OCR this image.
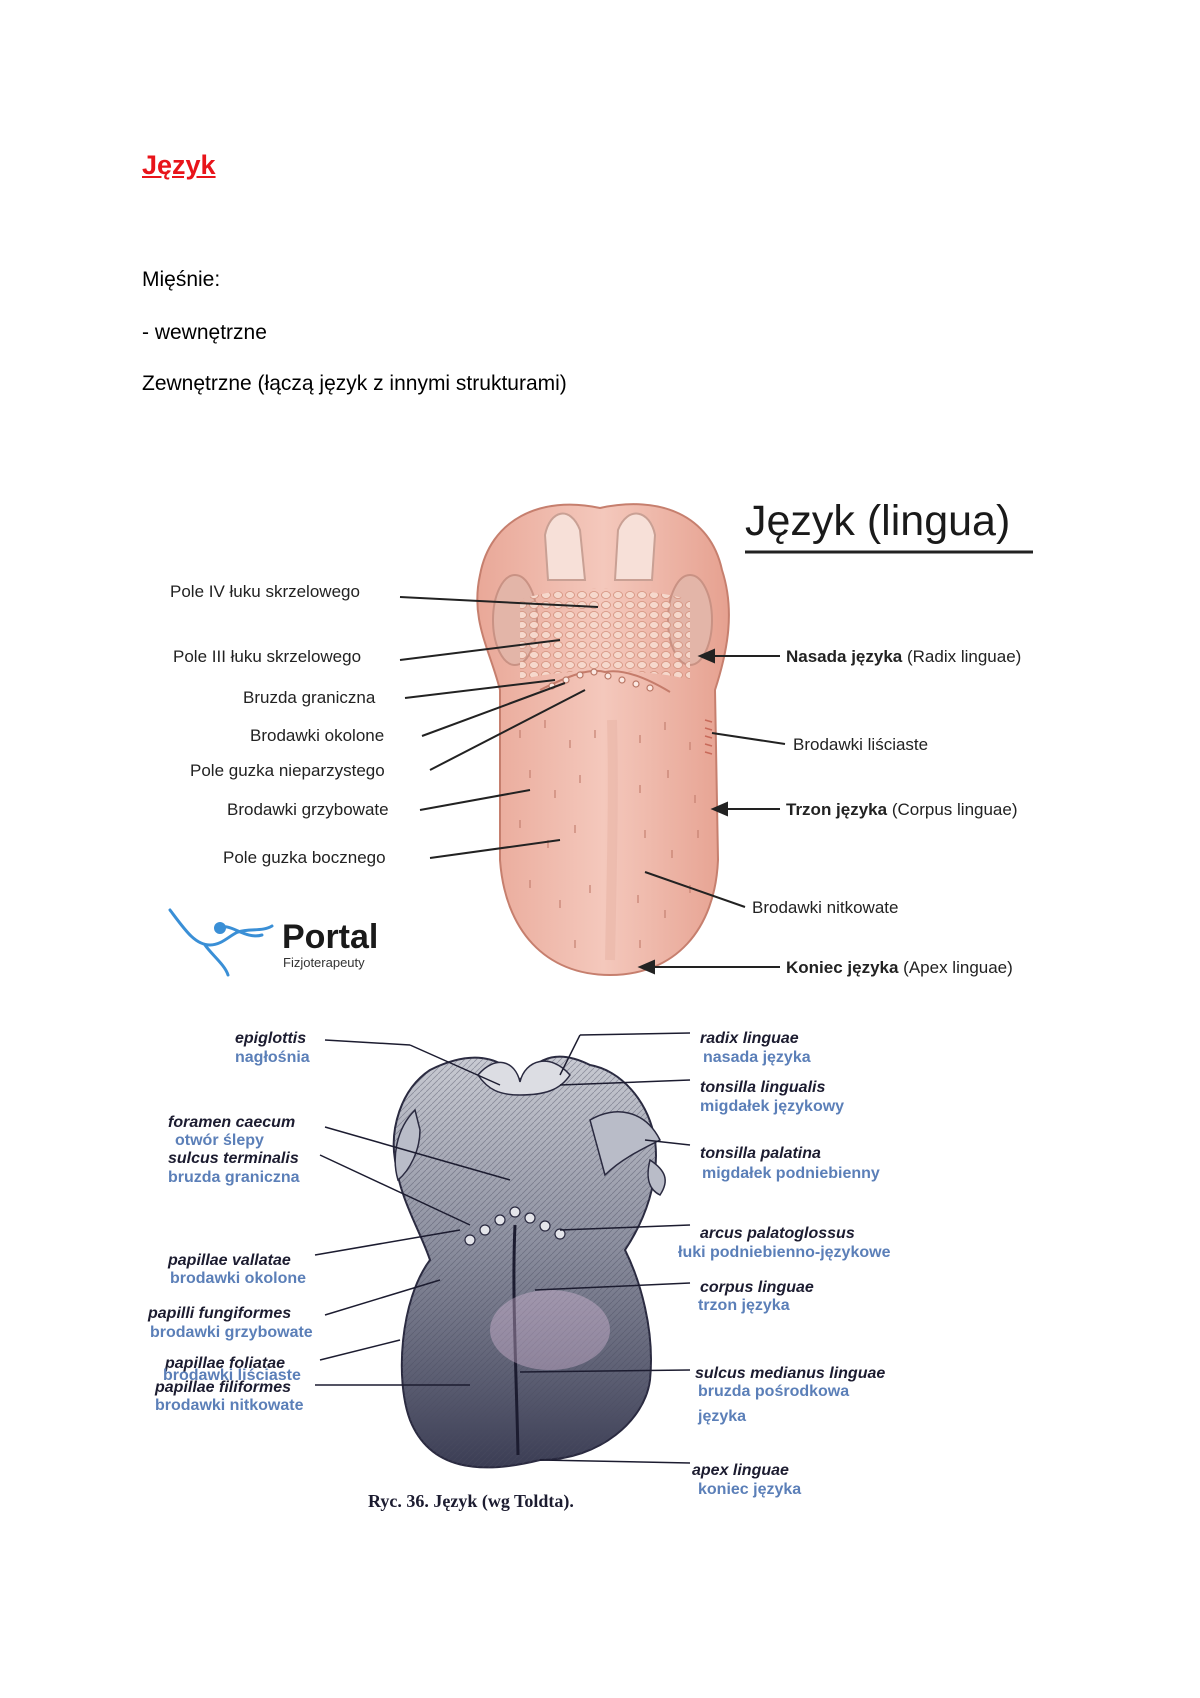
Język
Mięśnie:
- wewnętrzne
Zewnętrzne (łączą język z innymi strukturami)
Język (lingua)
Pole IV łuku skrzelowego
Pole III łuku skrzelowego
Bruzda graniczna
Brodawki okolone
Pole guzka nieparzystego
Brodawki grzybowate
Pole guzka bocznego
Nasada języka (Radix linguae)
Brodawki liściaste
Trzon języka (Corpus linguae)
Brodawki nitkowate
Koniec języka (Apex linguae)
Portal
Fizjoterapeuty
epiglottis
foramen caecum
sulcus terminalis
papillae vallatae
papilli fungiformes
papillae foliatae
papillae filiformes
nagłośnia
otwór ślepy
bruzda graniczna
brodawki okolone
brodawki grzybowate
brodawki liściaste
brodawki nitkowate
radix linguae
tonsilla lingualis
tonsilla palatina
arcus palatoglossus
corpus linguae
sulcus medianus linguae
apex linguae
nasada języka
migdałek językowy
migdałek podniebienny
łuki podniebienno-językowe
trzon języka
bruzda pośrodkowa
języka
koniec języka
Ryc. 36. Język (wg Toldta).
